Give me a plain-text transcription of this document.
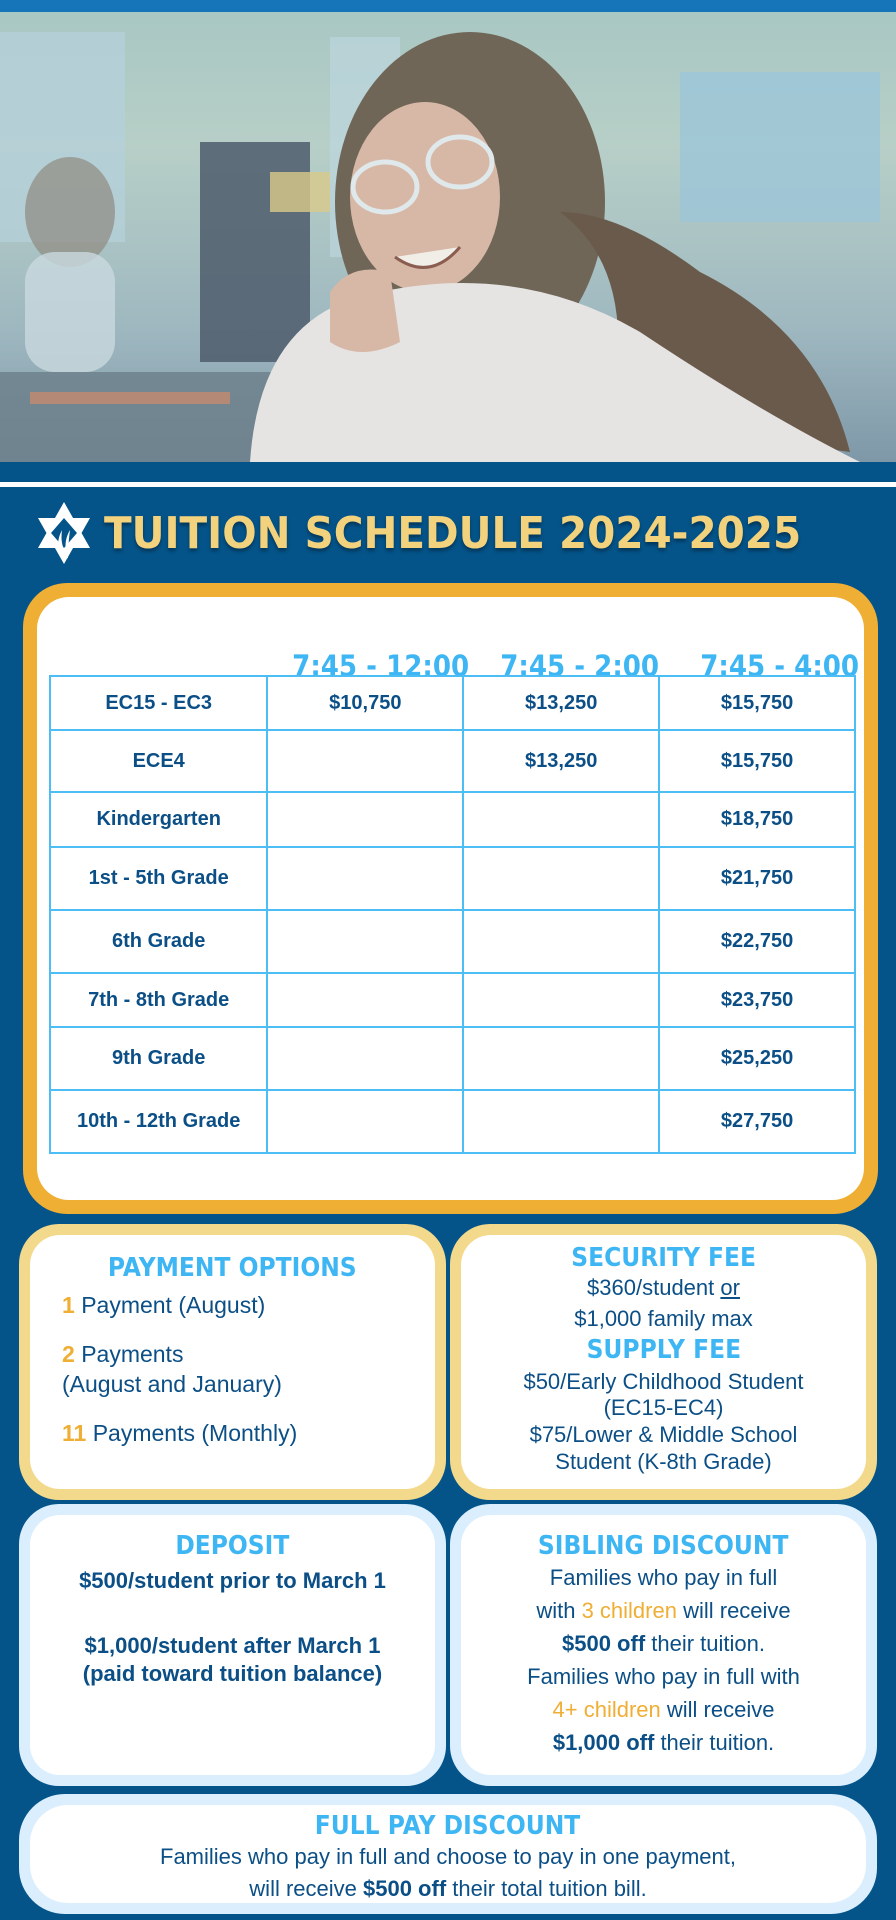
TUITION SCHEDULE 2024-2025
7:45 - 12:00	7:45 - 2:00	7:45 - 4:00
EC15 - EC3	$10,750	$13,250	$15,750
ECE4		$13,250	$15,750
Kindergarten			$18,750
1st - 5th Grade			$21,750
6th Grade			$22,750
7th - 8th Grade			$23,750
9th Grade			$25,250
10th - 12th Grade			$27,750
PAYMENT OPTIONS
1 Payment (August)
2 Payments
(August and January)
11 Payments (Monthly)
SECURITY FEE
$360/student or
$1,000 family max
SUPPLY FEE
$50/Early Childhood Student
(EC15-EC4)
$75/Lower & Middle School
Student (K-8th Grade)
DEPOSIT
$500/student prior to March 1
$1,000/student after March 1
(paid toward tuition balance)
SIBLING DISCOUNT
Families who pay in full
with 3 children will receive
$500 off their tuition.
Families who pay in full with
4+ children will receive
$1,000 off their tuition.
FULL PAY DISCOUNT
Families who pay in full and choose to pay in one payment,
will receive $500 off their total tuition bill.
